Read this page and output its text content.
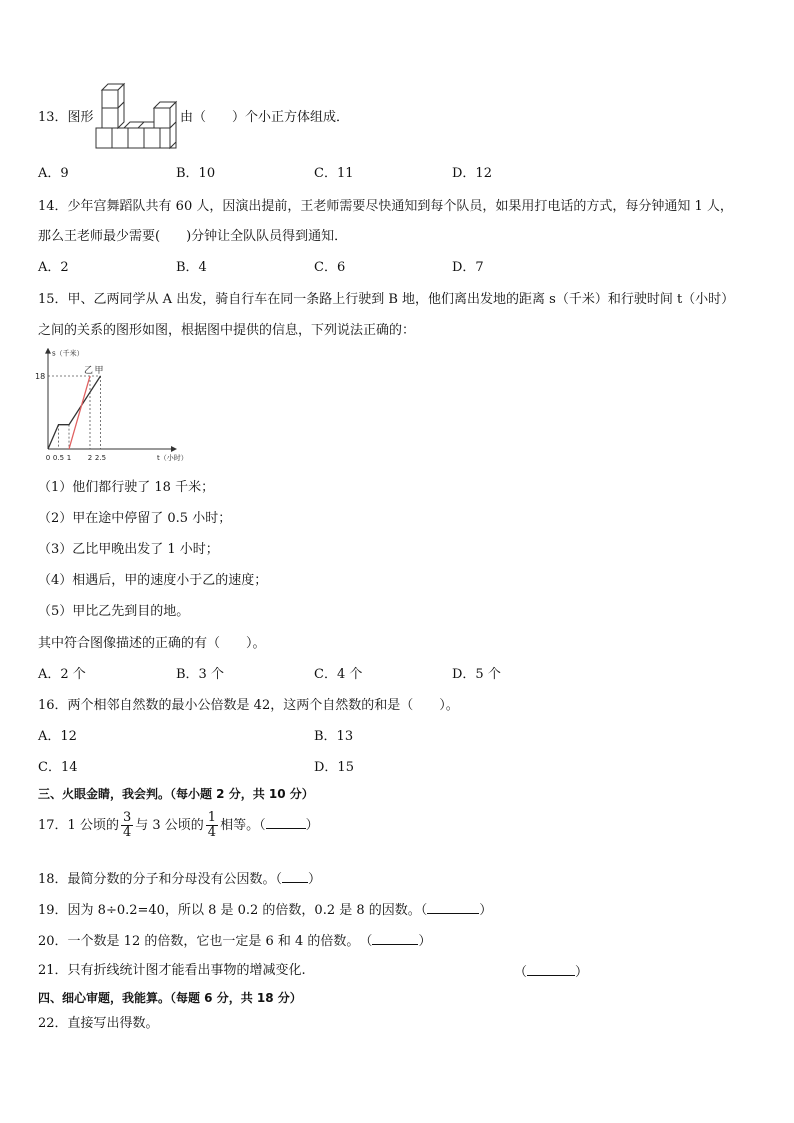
13．图形	由（　　）个小正方体组成．
A．9	B．10	C．11	D．12
14．少年宫舞蹈队共有 60 人，因演出提前，王老师需要尽快通知到每个队员，如果用打电话的方式，每分钟通知 1 人，
那么王老师最少需要(　　)分钟让全队队员得到通知．
A．2	B．4	C．6	D．7
15．甲、乙两同学从 A 出发，骑自行车在同一条路上行驶到 B 地，他们离出发地的距离 s（千米）和行驶时间 t（小时）
之间的关系的图形如图，根据图中提供的信息，下列说法正确的：
甲
乙
18
s（千米）
0 0.5 1 2 2.5	t（小时）
（1）他们都行驶了 18 千米；
（2）甲在途中停留了 0.5 小时；
（3）乙比甲晚出发了 1 小时；
（4）相遇后，甲的速度小于乙的速度；
（5）甲比乙先到目的地。
其中符合图像描述的正确的有（　　）。
A．2 个	B．3 个	C．4 个	D．5 个
16．两个相邻自然数的最小公倍数是 42，这两个自然数的和是（　　）。
A．12	B．13
C．14	D．15
三、火眼金睛，我会判。（每小题 2 分，共 10 分）
17．1 公顷的 $\frac{3}{4}$ 与 3 公顷的 $\frac{1}{4}$ 相等。（	）
18．最简分数的分子和分母没有公因数。（ ）
19．因为 8÷0.2=40，所以 8 是 0.2 的倍数，0.2 是 8 的因数。（	）
20．一个数是 12 的倍数，它也一定是 6 和 4 的倍数。　（	）
21．只有折线统计图才能看出事物的增减变化.	（	）
四、细心审题，我能算。（每题 6 分，共 18 分）
22．直接写出得数。
